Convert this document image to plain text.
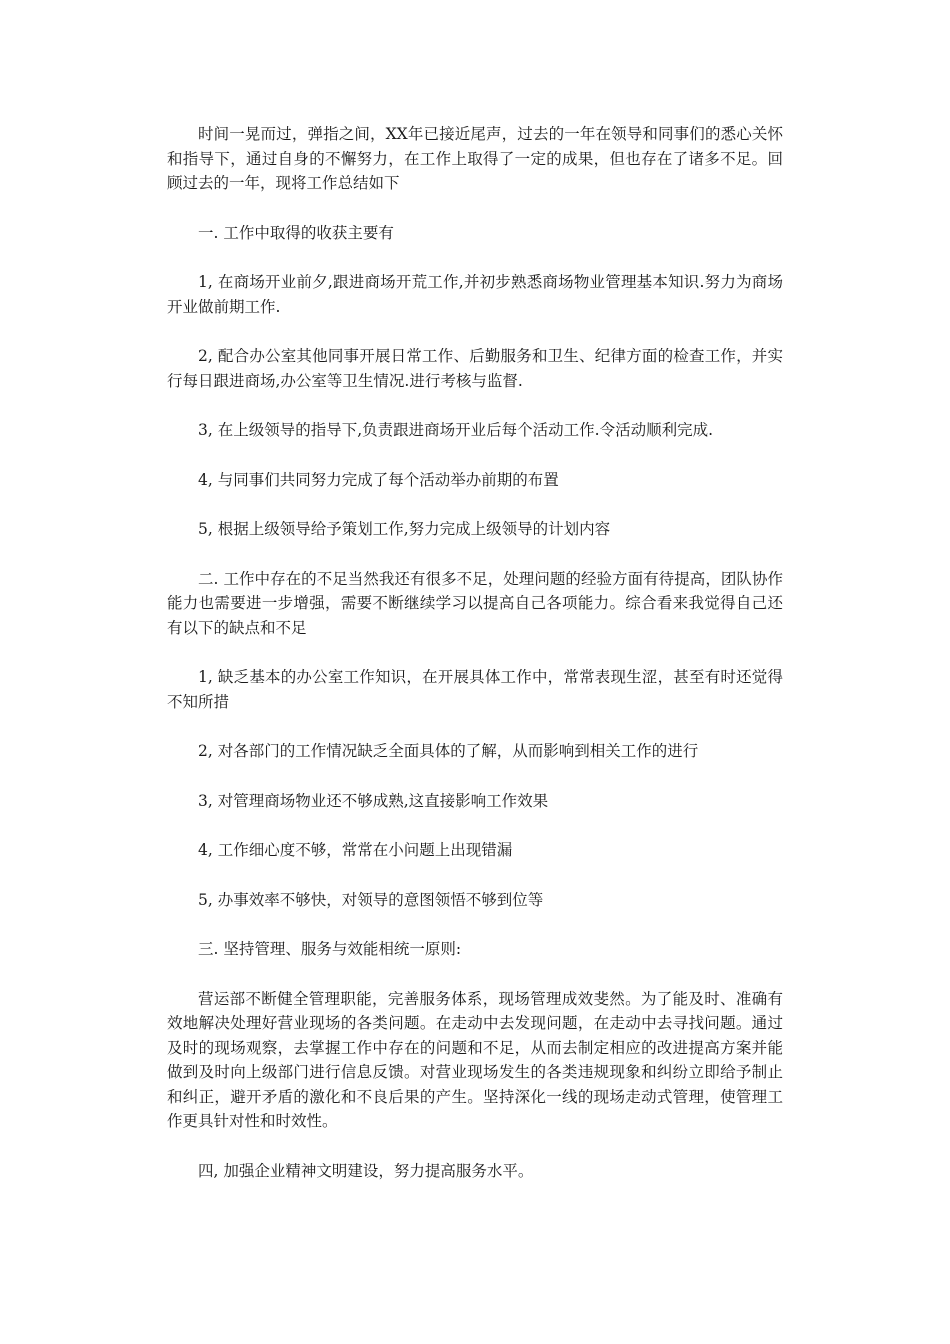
时间一晃而过，弹指之间，XX年已接近尾声，过去的一年在领导和同事们的悉心关怀和指导下，通过自身的不懈努力，在工作上取得了一定的成果，但也存在了诸多不足。回顾过去的一年，现将工作总结如下

一. 工作中取得的收获主要有

1, 在商场开业前夕,跟进商场开荒工作,并初步熟悉商场物业管理基本知识.努力为商场开业做前期工作.

2, 配合办公室其他同事开展日常工作、后勤服务和卫生、纪律方面的检查工作，并实行每日跟进商场,办公室等卫生情况.进行考核与监督.

3, 在上级领导的指导下,负责跟进商场开业后每个活动工作.令活动顺利完成.

4, 与同事们共同努力完成了每个活动举办前期的布置

5, 根据上级领导给予策划工作,努力完成上级领导的计划内容

二. 工作中存在的不足当然我还有很多不足，处理问题的经验方面有待提高，团队协作能力也需要进一步增强，需要不断继续学习以提高自己各项能力。综合看来我觉得自己还有以下的缺点和不足

1, 缺乏基本的办公室工作知识，在开展具体工作中，常常表现生涩，甚至有时还觉得不知所措

2, 对各部门的工作情况缺乏全面具体的了解，从而影响到相关工作的进行

3, 对管理商场物业还不够成熟,这直接影响工作效果

4, 工作细心度不够，常常在小问题上出现错漏

5, 办事效率不够快，对领导的意图领悟不够到位等

三. 坚持管理、服务与效能相统一原则:

营运部不断健全管理职能，完善服务体系，现场管理成效斐然。为了能及时、准确有效地解决处理好营业现场的各类问题。在走动中去发现问题，在走动中去寻找问题。通过及时的现场观察，去掌握工作中存在的问题和不足，从而去制定相应的改进提高方案并能做到及时向上级部门进行信息反馈。对营业现场发生的各类违规现象和纠纷立即给予制止和纠正，避开矛盾的激化和不良后果的产生。坚持深化一线的现场走动式管理，使管理工作更具针对性和时效性。

四, 加强企业精神文明建设，努力提高服务水平。
